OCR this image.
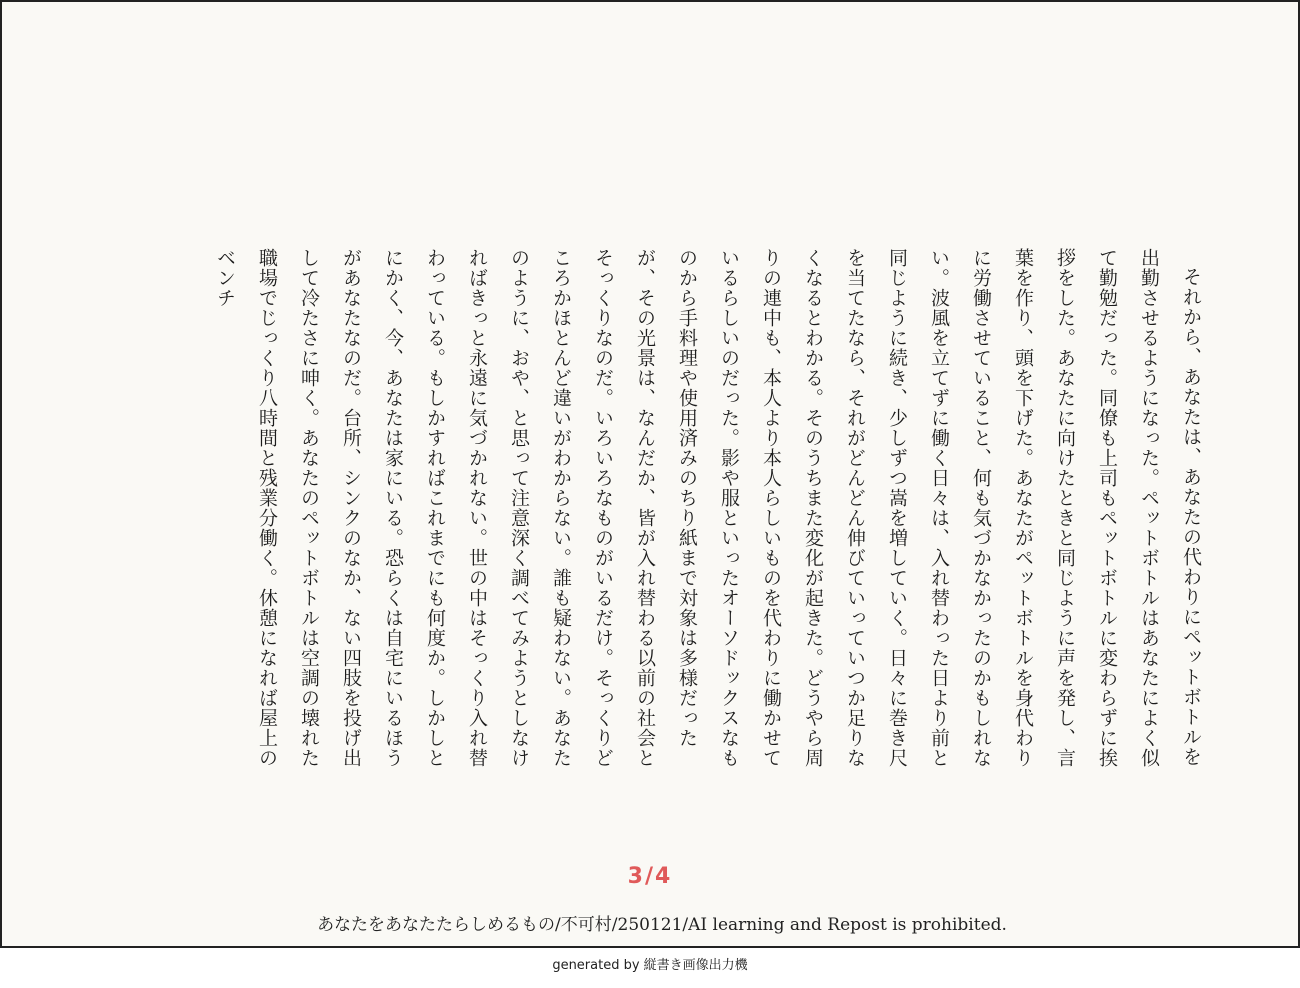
それから、あなたは、あなたの代わりにペットボトルを出勤させるようになった。ペットボトルはあなたによく似て勤勉だった。同僚も上司もペットボトルに変わらずに挨拶をした。あなたに向けたときと同じように声を発し、言葉を作り、頭を下げた。あなたがペットボトルを身代わりに労働させていること、何も気づかなかったのかもしれない。波風を立てずに働く日々は、入れ替わった日より前と同じように続き、少しずつ嵩を増していく。日々に巻き尺を当てたなら、それがどんどん伸びていっていつか足りなくなるとわかる。そのうちまた変化が起きた。どうやら周りの連中も、本人より本人らしいものを代わりに働かせているらしいのだった。影や服といったオーソドックスなものから手料理や使用済みのちり紙まで対象は多様だったが、その光景は、なんだか、皆が入れ替わる以前の社会とそっくりなのだ。いろいろなものがいるだけ。そっくりどころかほとんど違いがわからない。誰も疑わない。あなたのように、おや、と思って注意深く調べてみようとしなければきっと永遠に気づかれない。世の中はそっくり入れ替わっている。もしかすればこれまでにも何度か。しかしとにかく、今、あなたは家にいる。恐らくは自宅にいるほうがあなたなのだ。台所、シンクのなか、ない四肢を投げ出して冷たさに呻く。あなたのペットボトルは空調の壊れた職場でじっくり八時間と残業分働く。休憩になれば屋上のベンチ

3/4
あなたをあなたたらしめるもの/不可村/250121/AI learning and Repost is prohibited.
generated by 縦書き画像出力機
